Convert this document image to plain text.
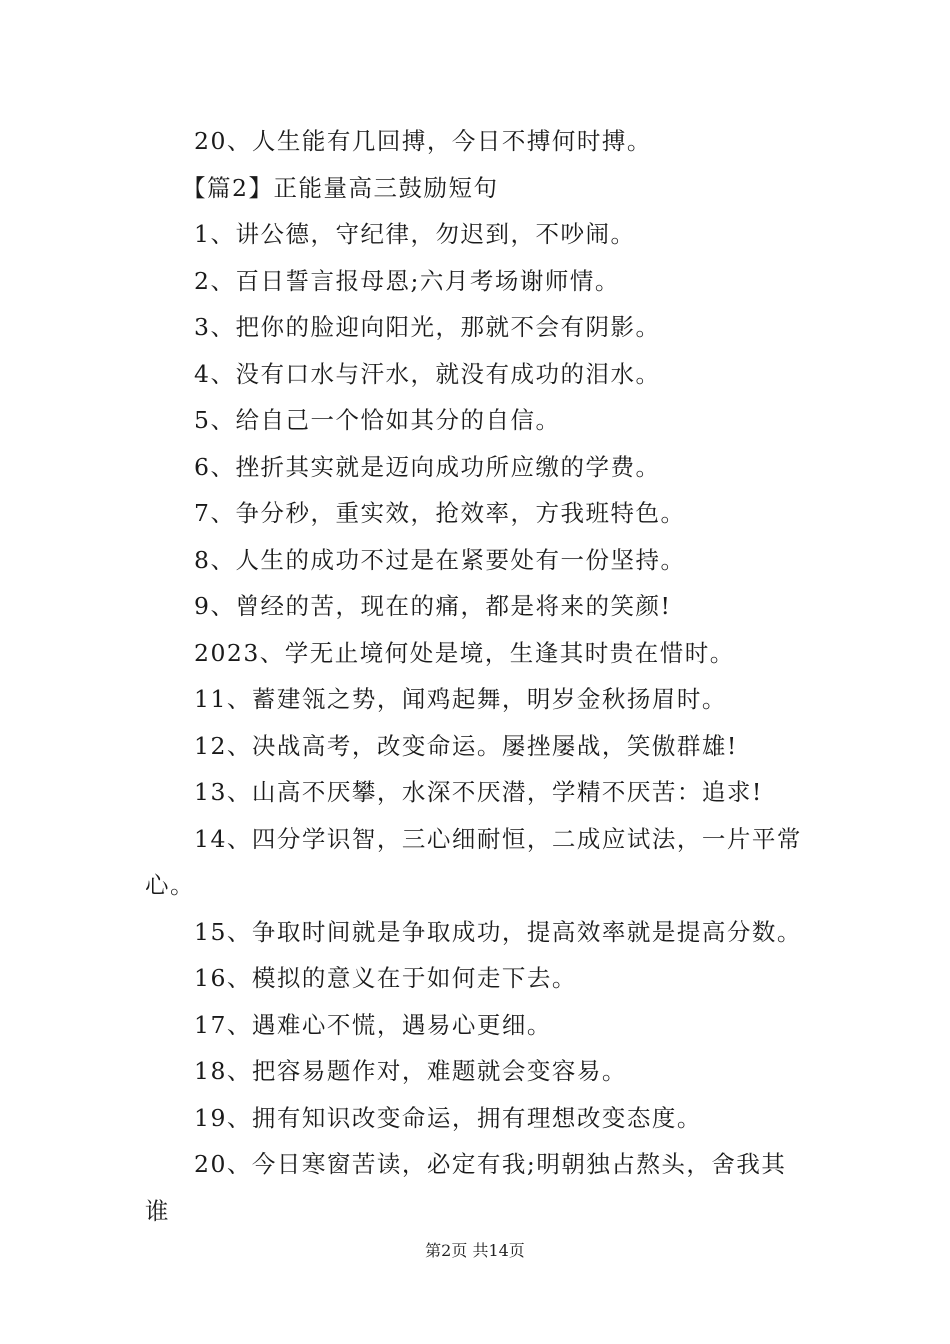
20、人生能有几回搏，今日不搏何时搏。
【篇2】正能量高三鼓励短句
1、讲公德，守纪律，勿迟到，不吵闹。
2、百日誓言报母恩;六月考场谢师情。
3、把你的脸迎向阳光，那就不会有阴影。
4、没有口水与汗水，就没有成功的泪水。
5、给自己一个恰如其分的自信。
6、挫折其实就是迈向成功所应缴的学费。
7、争分秒，重实效，抢效率，方我班特色。
8、人生的成功不过是在紧要处有一份坚持。
9、曾经的苦，现在的痛，都是将来的笑颜!
2023、学无止境何处是境，生逢其时贵在惜时。
11、蓄建瓴之势，闻鸡起舞，明岁金秋扬眉时。
12、决战高考，改变命运。屡挫屡战，笑傲群雄!
13、山高不厌攀，水深不厌潜，学精不厌苦：追求!
14、四分学识智，三心细耐恒，二成应试法，一片平常
心。
15、争取时间就是争取成功，提高效率就是提高分数。
16、模拟的意义在于如何走下去。
17、遇难心不慌，遇易心更细。
18、把容易题作对，难题就会变容易。
19、拥有知识改变命运，拥有理想改变态度。
20、今日寒窗苦读，必定有我;明朝独占熬头，舍我其
谁
第2页 共14页
